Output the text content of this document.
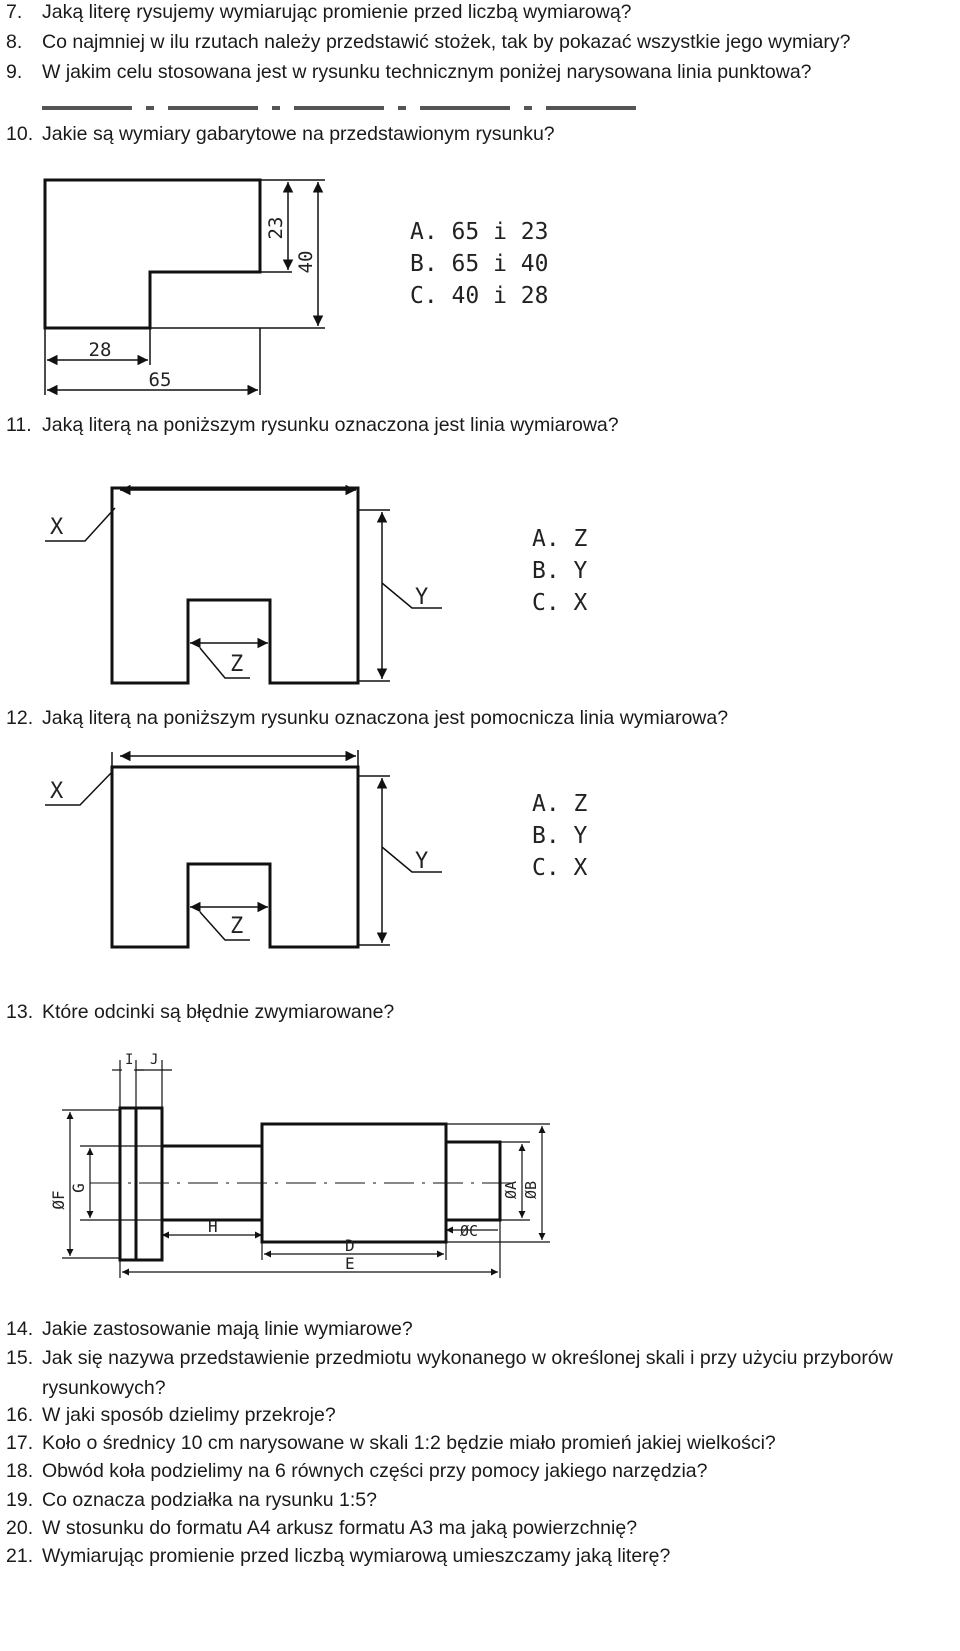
7. Jaką literę rysujemy wymiarując promienie przed liczbą wymiarową?
8. Co najmniej w ilu rzutach należy przedstawić stożek, tak by pokazać wszystkie jego wymiary?
9. W jakim celu stosowana jest w rysunku technicznym poniżej narysowana linia punktowa?
10. Jakie są wymiary gabarytowe na przedstawionym rysunku?
23
40
28
65
A. 65 i 23
B. 65 i 40
C. 40 i 28
11. Jaką literą na poniższym rysunku oznaczona jest linia wymiarowa?
X
Y
Z
A. Z
B. Y
C. X
12. Jaką literą na poniższym rysunku oznaczona jest pomocnicza linia wymiarowa?
X
Y
Z
A. Z
B. Y
C. X
13. Które odcinki są błędnie zwymiarowane?
I J
ØF
G
H
D
E
ØC
ØA ØB
14. Jakie zastosowanie mają linie wymiarowe?
15. Jak się nazywa przedstawienie przedmiotu wykonanego w określonej skali i przy użyciu przyborów rysunkowych?
16. W jaki sposób dzielimy przekroje?
17. Koło o średnicy 10 cm narysowane w skali 1:2 będzie miało promień jakiej wielkości?
18. Obwód koła podzielimy na 6 równych części przy pomocy jakiego narzędzia?
19. Co oznacza podziałka na rysunku 1:5?
20. W stosunku do formatu A4 arkusz formatu A3 ma jaką powierzchnię?
21. Wymiarując promienie przed liczbą wymiarową umieszczamy jaką literę?
